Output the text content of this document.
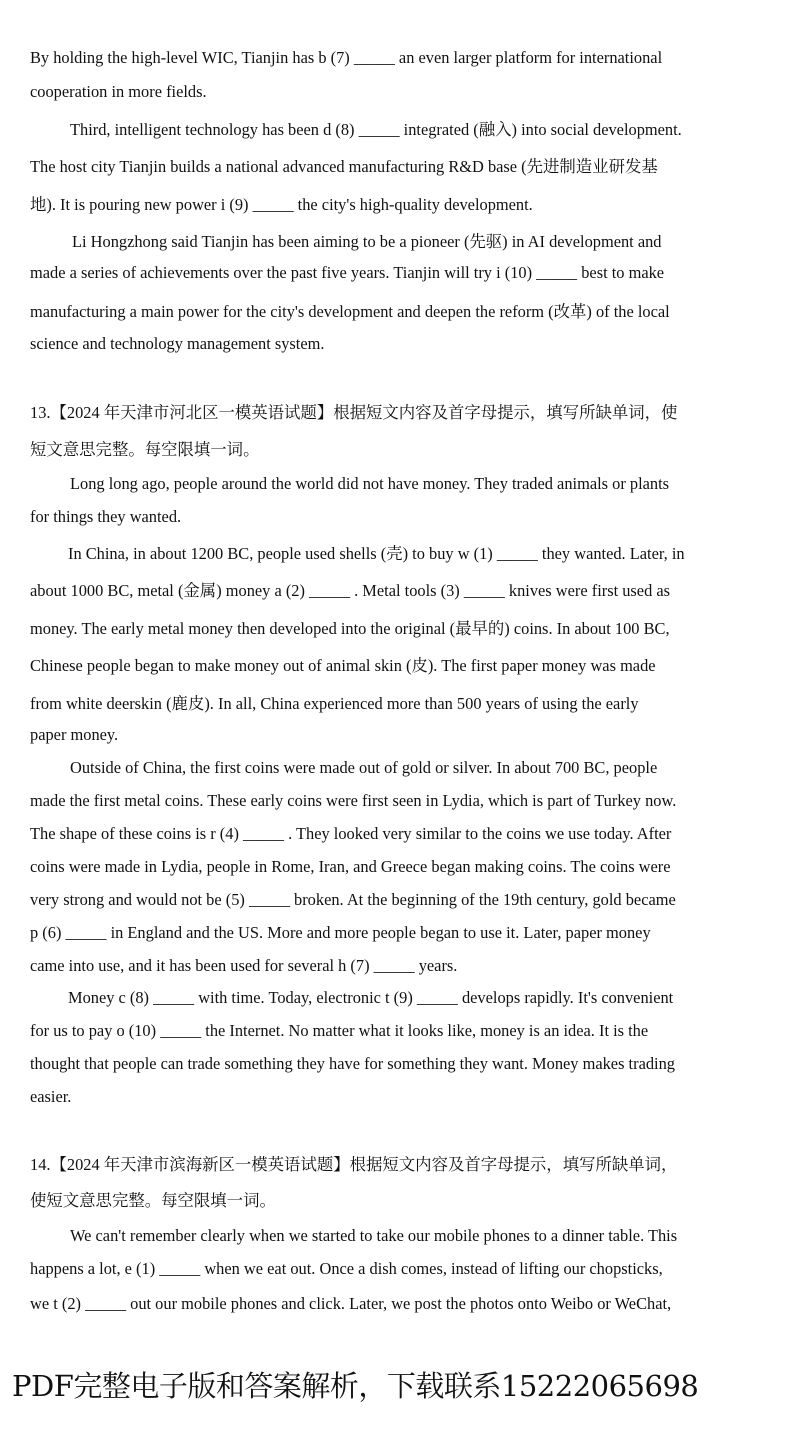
By holding the high-level WIC, Tianjin has b (7) _____ an even larger platform for international
cooperation in more fields.
Third, intelligent technology has been d (8) _____ integrated (融入) into social development.
The host city Tianjin builds a national advanced manufacturing R&D base (先进制造业研发基
地). It is pouring new power i (9) _____ the city's high-quality development.
Li Hongzhong said Tianjin has been aiming to be a pioneer (先驱) in AI development and
made a series of achievements over the past five years. Tianjin will try i (10) _____ best to make
manufacturing a main power for the city's development and deepen the reform (改革) of the local
science and technology management system.
13.【2024 年天津市河北区一模英语试题】根据短文内容及首字母提示，填写所缺单词，使
短文意思完整。每空限填一词。
Long long ago, people around the world did not have money. They traded animals or plants
for things they wanted.
In China, in about 1200 BC, people used shells (壳) to buy w (1) _____ they wanted. Later, in
about 1000 BC, metal (金属) money a (2) _____ . Metal tools (3) _____ knives were first used as
money. The early metal money then developed into the original (最早的) coins. In about 100 BC,
Chinese people began to make money out of animal skin (皮). The first paper money was made
from white deerskin (鹿皮). In all, China experienced more than 500 years of using the early
paper money.
Outside of China, the first coins were made out of gold or silver. In about 700 BC, people
made the first metal coins. These early coins were first seen in Lydia, which is part of Turkey now.
The shape of these coins is r (4) _____ . They looked very similar to the coins we use today. After
coins were made in Lydia, people in Rome, Iran, and Greece began making coins. The coins were
very strong and would not be (5) _____ broken. At the beginning of the 19th century, gold became
p (6) _____ in England and the US. More and more people began to use it. Later, paper money
came into use, and it has been used for several h (7) _____ years.
Money c (8) _____ with time. Today, electronic t (9) _____ develops rapidly. It's convenient
for us to pay o (10) _____ the Internet. No matter what it looks like, money is an idea. It is the
thought that people can trade something they have for something they want. Money makes trading
easier.
14.【2024 年天津市滨海新区一模英语试题】根据短文内容及首字母提示，填写所缺单词，
使短文意思完整。每空限填一词。
We can't remember clearly when we started to take our mobile phones to a dinner table. This
happens a lot, e (1) _____ when we eat out. Once a dish comes, instead of lifting our chopsticks,
we t (2) _____ out our mobile phones and click. Later, we post the photos onto Weibo or WeChat,
PDF完整电子版和答案解析，下载联系15222065698
